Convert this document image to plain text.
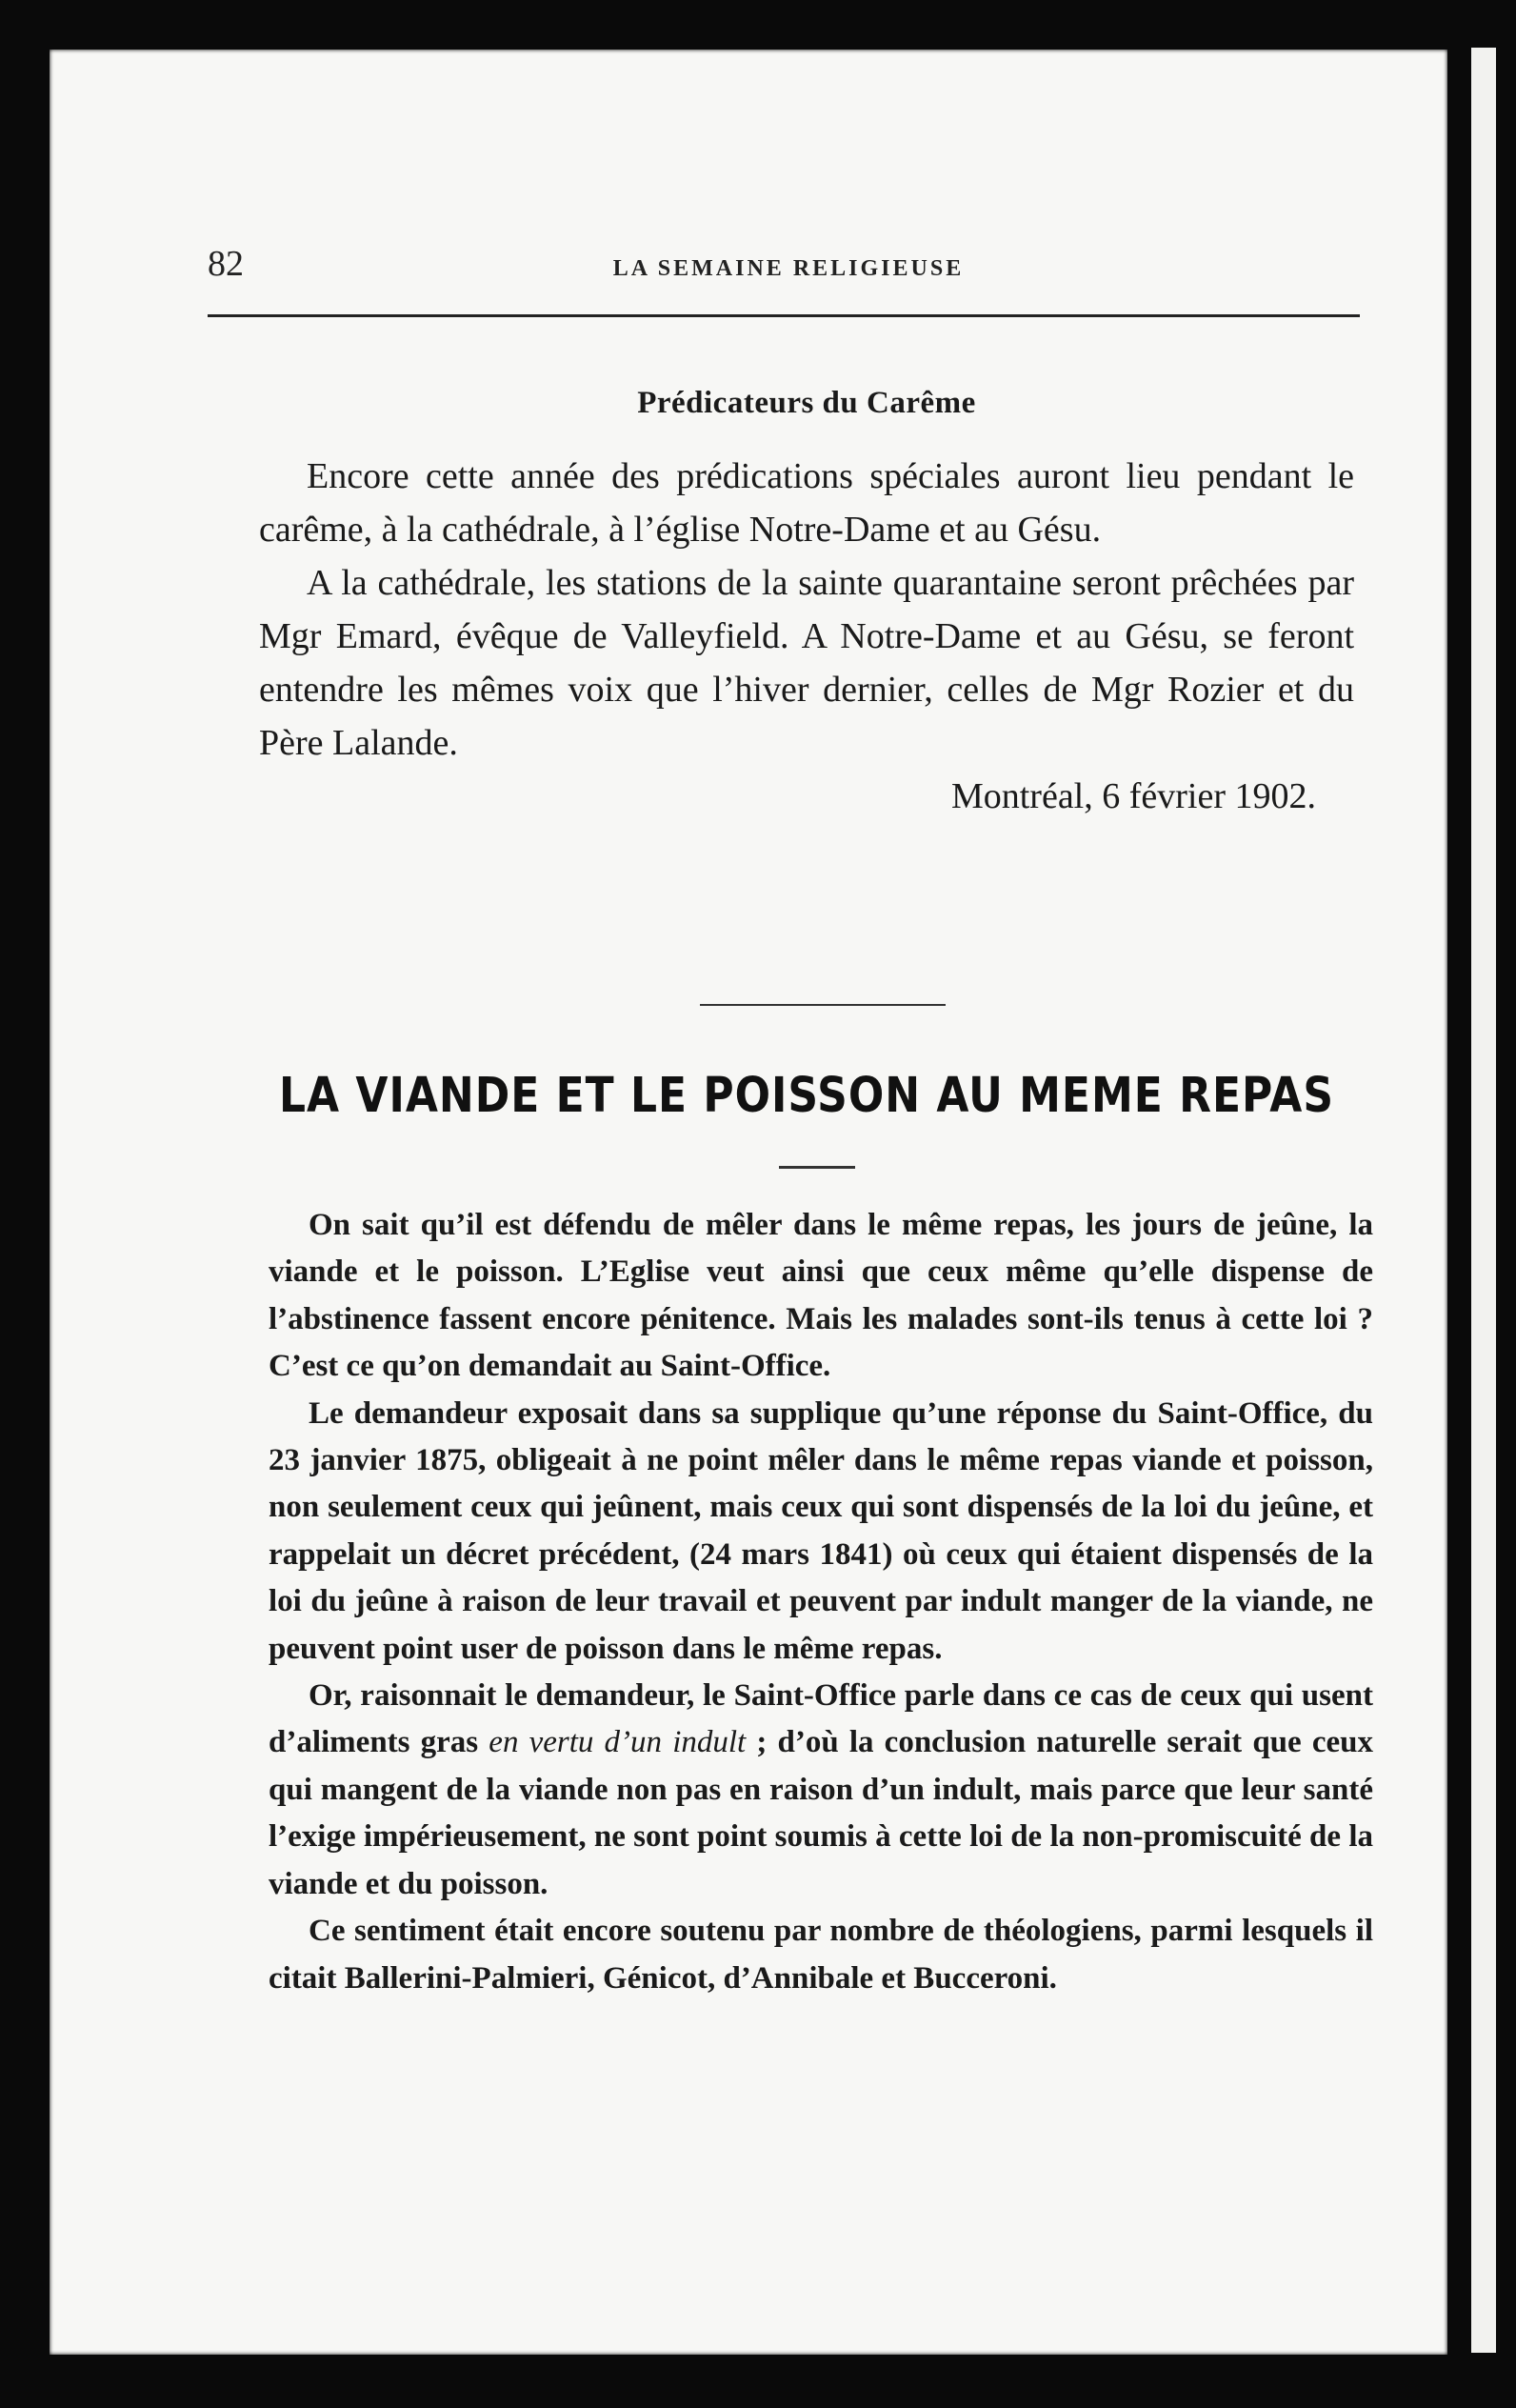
82	LA SEMAINE RELIGIEUSE
Prédicateurs du Carême

Encore cette année des prédications spéciales auront lieu pendant le carême, à la cathédrale, à l’église Notre-Dame et au Gésu.

A la cathédrale, les stations de la sainte quarantaine seront prêchées par Mgr Emard, évêque de Valleyfield. A Notre-Dame et au Gésu, se feront entendre les mêmes voix que l’hiver dernier, celles de Mgr Rozier et du Père Lalande.

Montréal, 6 février 1902.

LA VIANDE ET LE POISSON AU MEME REPAS

On sait qu’il est défendu de mêler dans le même repas, les jours de jeûne, la viande et le poisson. L’Eglise veut ainsi que ceux même qu’elle dispense de l’abstinence fassent encore pénitence. Mais les malades sont-ils tenus à cette loi ? C’est ce qu’on demandait au Saint-Office.

Le demandeur exposait dans sa supplique qu’une réponse du Saint-Office, du 23 janvier 1875, obligeait à ne point mêler dans le même repas viande et poisson, non seulement ceux qui jeûnent, mais ceux qui sont dispensés de la loi du jeûne, et rappelait un décret précédent, (24 mars 1841) où ceux qui étaient dispensés de la loi du jeûne à raison de leur travail et peuvent par indult manger de la viande, ne peuvent point user de poisson dans le même repas.

Or, raisonnait le demandeur, le Saint-Office parle dans ce cas de ceux qui usent d’aliments gras en vertu d’un indult ; d’où la conclusion naturelle serait que ceux qui mangent de la viande non pas en raison d’un indult, mais parce que leur santé l’exige impérieusement, ne sont point soumis à cette loi de la non-promiscuité de la viande et du poisson.

Ce sentiment était encore soutenu par nombre de théologiens, parmi lesquels il citait Ballerini-Palmieri, Génicot, d’Annibale et Bucceroni.
